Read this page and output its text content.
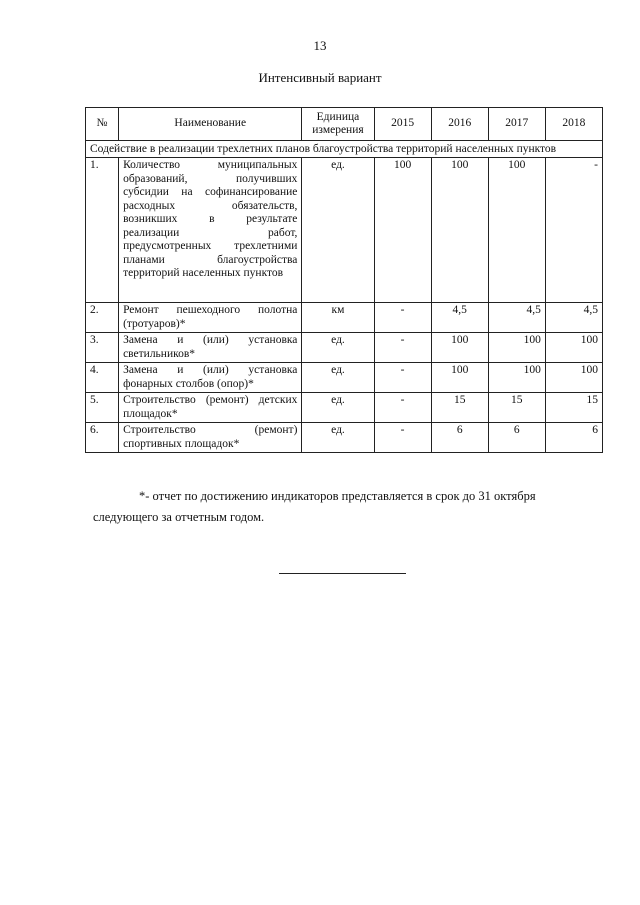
13
Интенсивный вариант
№	Наименование	Единица измерения	2015	2016	2017	2018
Содействие в реализации трехлетних планов благоустройства территорий населенных пунктов						
1.	Количество муниципальных образований, получивших субсидии на софинансирование расходных обязательств, возникших в результате реализации работ, предусмотренных трехлетними планами благоустройства территорий населенных пунктов	ед.	100	100	100	-
2.	Ремонт пешеходного полотна (тротуаров)*	км	-	4,5	4,5	4,5
3.	Замена и (или) установка светильников*	ед.	-	100	100	100
4.	Замена и (или) установка фонарных столбов (опор)*	ед.	-	100	100	100
5.	Строительство (ремонт) детских площадок*	ед.	-	15	15	15
6.	Строительство (ремонт) спортивных площадок*	ед.	-	6	6	6
*- отчет по достижению индикаторов представляется в срок до 31 октября
следующего за отчетным годом.
